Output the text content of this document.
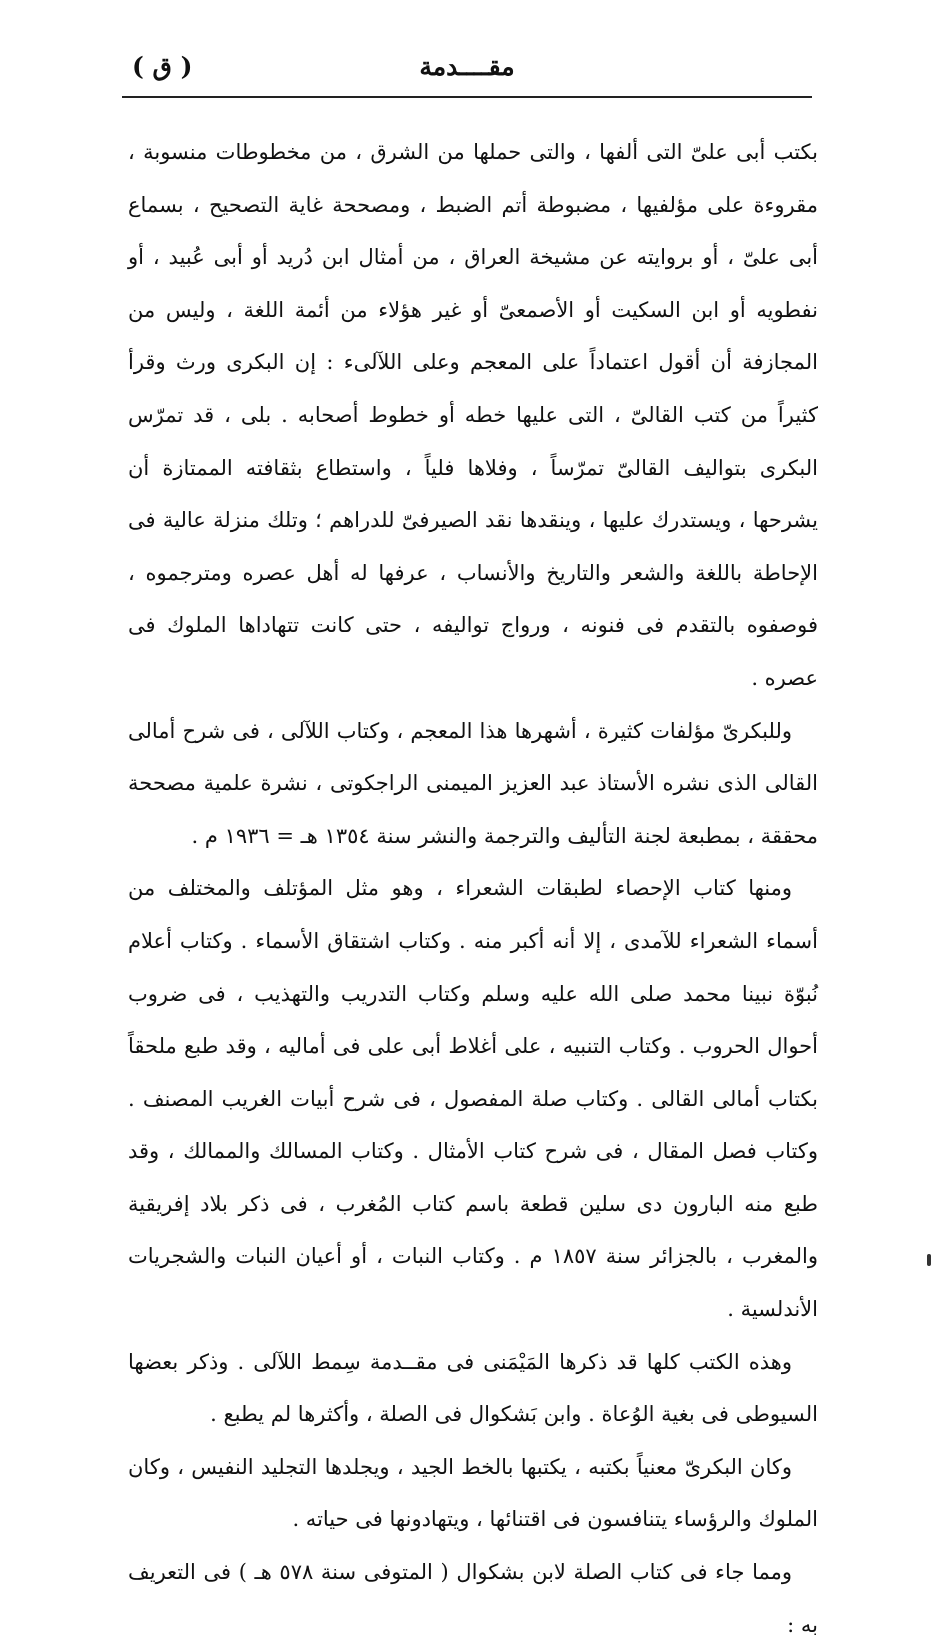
مقــــدمة
( ق )

بكتب أبى علىّ التى ألفها ، والتى حملها من الشرق ، من مخطوطات منسوبة ، مقروءة على مؤلفيها ، مضبوطة أتم الضبط ، ومصححة غاية التصحيح ، بسماع أبى علىّ ، أو بروايته عن مشيخة العراق ، من أمثال ابن دُريد أو أبى عُبيد ، أو نفطويه أو ابن السكيت أو الأصمعىّ أو غير هؤلاء من أئمة اللغة ، وليس من المجازفة أن أقول اعتماداً على المعجم وعلى اللآلىء : إن البكرى ورث وقرأ كثيراً من كتب القالىّ ، التى عليها خطه أو خطوط أصحابه . بلى ، قد تمرّس البكرى بتواليف القالىّ تمرّساً ، وفلاها فلياً ، واستطاع بثقافته الممتازة أن يشرحها ، ويستدرك عليها ، وينقدها نقد الصيرفىّ للدراهم ؛ وتلك منزلة عالية فى الإحاطة باللغة والشعر والتاريخ والأنساب ، عرفها له أهل عصره ومترجموه ، فوصفوه بالتقدم فى فنونه ، ورواج تواليفه ، حتى كانت تتهاداها الملوك فى عصره .

وللبكرىّ مؤلفات كثيرة ، أشهرها هذا المعجم ، وكتاب اللآلى ، فى شرح أمالى القالى الذى نشره الأستاذ عبد العزيز الميمنى الراجكوتى ، نشرة علمية مصححة محققة ، بمطبعة لجنة التأليف والترجمة والنشر سنة ١٣٥٤ هـ = ١٩٣٦ م .

ومنها كتاب الإحصاء لطبقات الشعراء ، وهو مثل المؤتلف والمختلف من أسماء الشعراء للآمدى ، إلا أنه أكبر منه . وكتاب اشتقاق الأسماء . وكتاب أعلام نُبوّة نبينا محمد صلى الله عليه وسلم وكتاب التدريب والتهذيب ، فى ضروب أحوال الحروب . وكتاب التنبيه ، على أغلاط أبى على فى أماليه ، وقد طبع ملحقاً بكتاب أمالى القالى . وكتاب صلة المفصول ، فى شرح أبيات الغريب المصنف . وكتاب فصل المقال ، فى شرح كتاب الأمثال . وكتاب المسالك والممالك ، وقد طبع منه البارون دى سلين قطعة باسم كتاب المُغرب ، فى ذكر بلاد إفريقية والمغرب ، بالجزائر سنة ١٨٥٧ م . وكتاب النبات ، أو أعيان النبات والشجريات الأندلسية .

وهذه الكتب كلها قد ذكرها المَيْمَنى فى مقــدمة سِمط اللآلى . وذكر بعضها السيوطى فى بغية الوُعاة . وابن بَشكوال فى الصلة ، وأكثرها لم يطبع .

وكان البكرىّ معنياً بكتبه ، يكتبها بالخط الجيد ، ويجلدها التجليد النفيس ، وكان الملوك والرؤساء يتنافسون فى اقتنائها ، ويتهادونها فى حياته .

ومما جاء فى كتاب الصلة لابن بشكوال ( المتوفى سنة ٥٧٨ هـ ) فى التعريف به :
